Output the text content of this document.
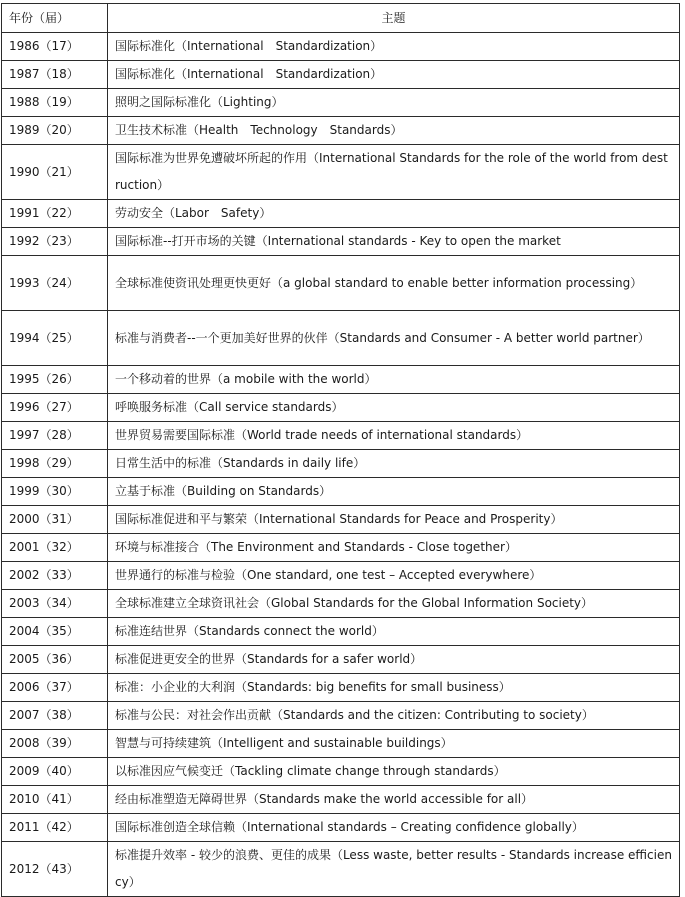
年份（届）	主题
1986（17）	国际标准化（International　Standardization）
1987（18）	国际标准化（International　Standardization）
1988（19）	照明之国际标准化（Lighting）
1989（20）	卫生技术标准（Health　Technology　Standards）
1990（21）	国际标准为世界免遭破坏所起的作用（International Standards for the role of the world from destruction）
1991（22）	劳动安全（Labor　Safety）
1992（23）	国际标准--打开市场的关键（International standards - Key to open the market
1993（24）	全球标准使资讯处理更快更好（a global standard to enable better information processing）
1994（25）	标准与消费者--一个更加美好世界的伙伴（Standards and Consumer - A better world partner）
1995（26）	一个移动着的世界（a mobile with the world）
1996（27）	呼唤服务标准（Call service standards）
1997（28）	世界贸易需要国际标准（World trade needs of international standards）
1998（29）	日常生活中的标准（Standards in daily life）
1999（30）	立基于标准（Building on Standards）
2000（31）	国际标准促进和平与繁荣（International Standards for Peace and Prosperity）
2001（32）	环境与标准接合（The Environment and Standards - Close together）
2002（33）	世界通行的标准与检验（One standard, one test – Accepted everywhere）
2003（34）	全球标准建立全球资讯社会（Global Standards for the Global Information Society）
2004（35）	标准连结世界（Standards connect the world）
2005（36）	标准促进更安全的世界（Standards for a safer world）
2006（37）	标准：小企业的大利润（Standards: big benefits for small business）
2007（38）	标准与公民：对社会作出贡献（Standards and the citizen: Contributing to society）
2008（39）	智慧与可持续建筑（Intelligent and sustainable buildings）
2009（40）	以标准因应气候变迁（Tackling climate change through standards）
2010（41）	经由标准塑造无障碍世界（Standards make the world accessible for all）
2011（42）	国际标准创造全球信赖（International standards – Creating confidence globally）
2012（43）	标准提升效率 - 较少的浪费、更佳的成果（Less waste, better results - Standards increase efficiency）
